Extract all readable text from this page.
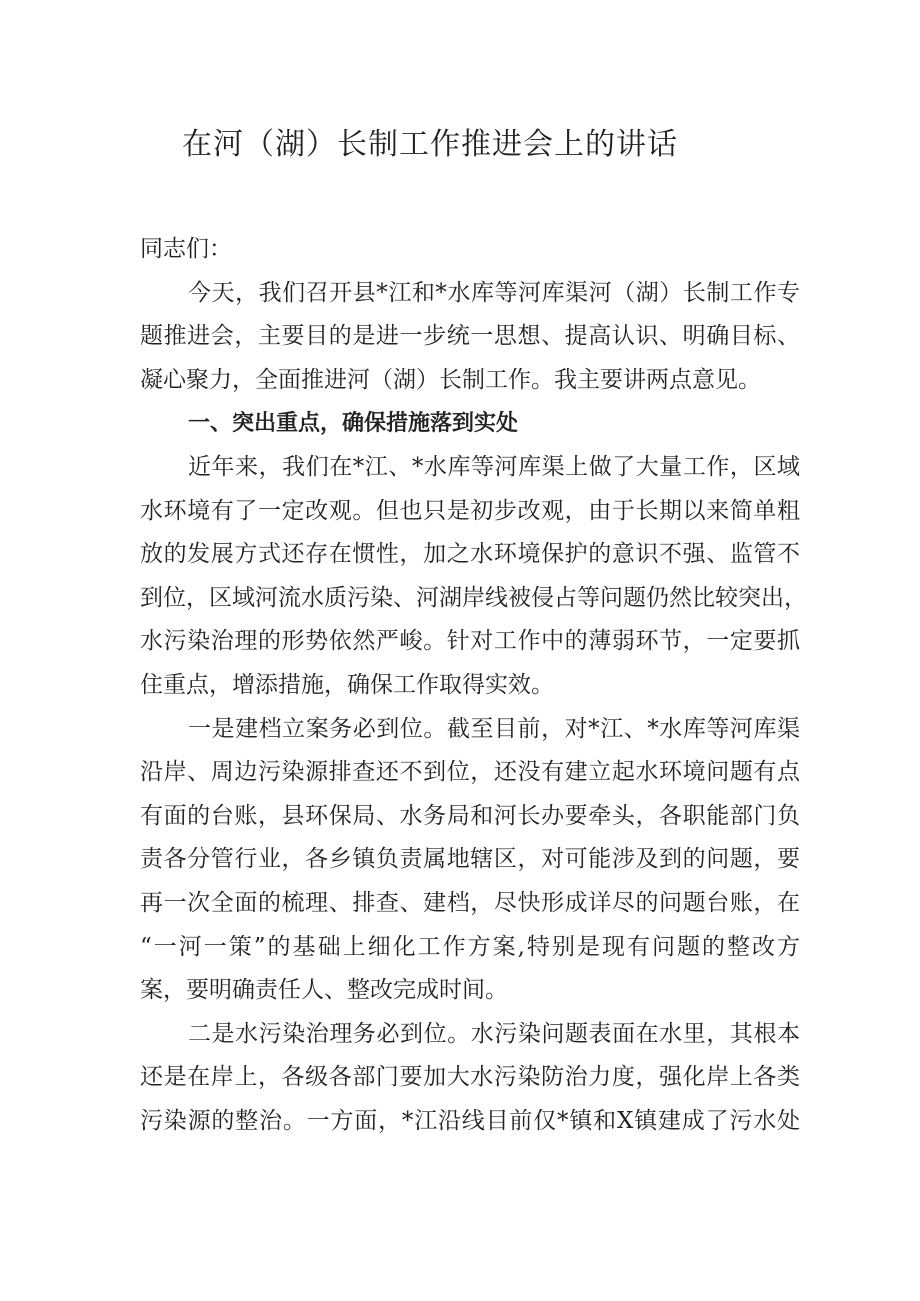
在河（湖）长制工作推进会上的讲话
同志们：
今天，我们召开县*江和*水库等河库渠河（湖）长制工作专
题推进会，主要目的是进一步统一思想、提高认识、明确目标、
凝心聚力，全面推进河（湖）长制工作。我主要讲两点意见。
一、突出重点，确保措施落到实处
近年来，我们在*江、*水库等河库渠上做了大量工作，区域
水环境有了一定改观。但也只是初步改观，由于长期以来简单粗
放的发展方式还存在惯性，加之水环境保护的意识不强、监管不
到位，区域河流水质污染、河湖岸线被侵占等问题仍然比较突出，
水污染治理的形势依然严峻。针对工作中的薄弱环节，一定要抓
住重点，增添措施，确保工作取得实效。
一是建档立案务必到位。截至目前，对*江、*水库等河库渠
沿岸、周边污染源排查还不到位，还没有建立起水环境问题有点
有面的台账，县环保局、水务局和河长办要牵头，各职能部门负
责各分管行业，各乡镇负责属地辖区，对可能涉及到的问题，要
再一次全面的梳理、排查、建档，尽快形成详尽的问题台账，在
“一河一策”的基础上细化工作方案,特别是现有问题的整改方
案，要明确责任人、整改完成时间。
二是水污染治理务必到位。水污染问题表面在水里，其根本
还是在岸上，各级各部门要加大水污染防治力度，强化岸上各类
污染源的整治。一方面，*江沿线目前仅*镇和X镇建成了污水处
